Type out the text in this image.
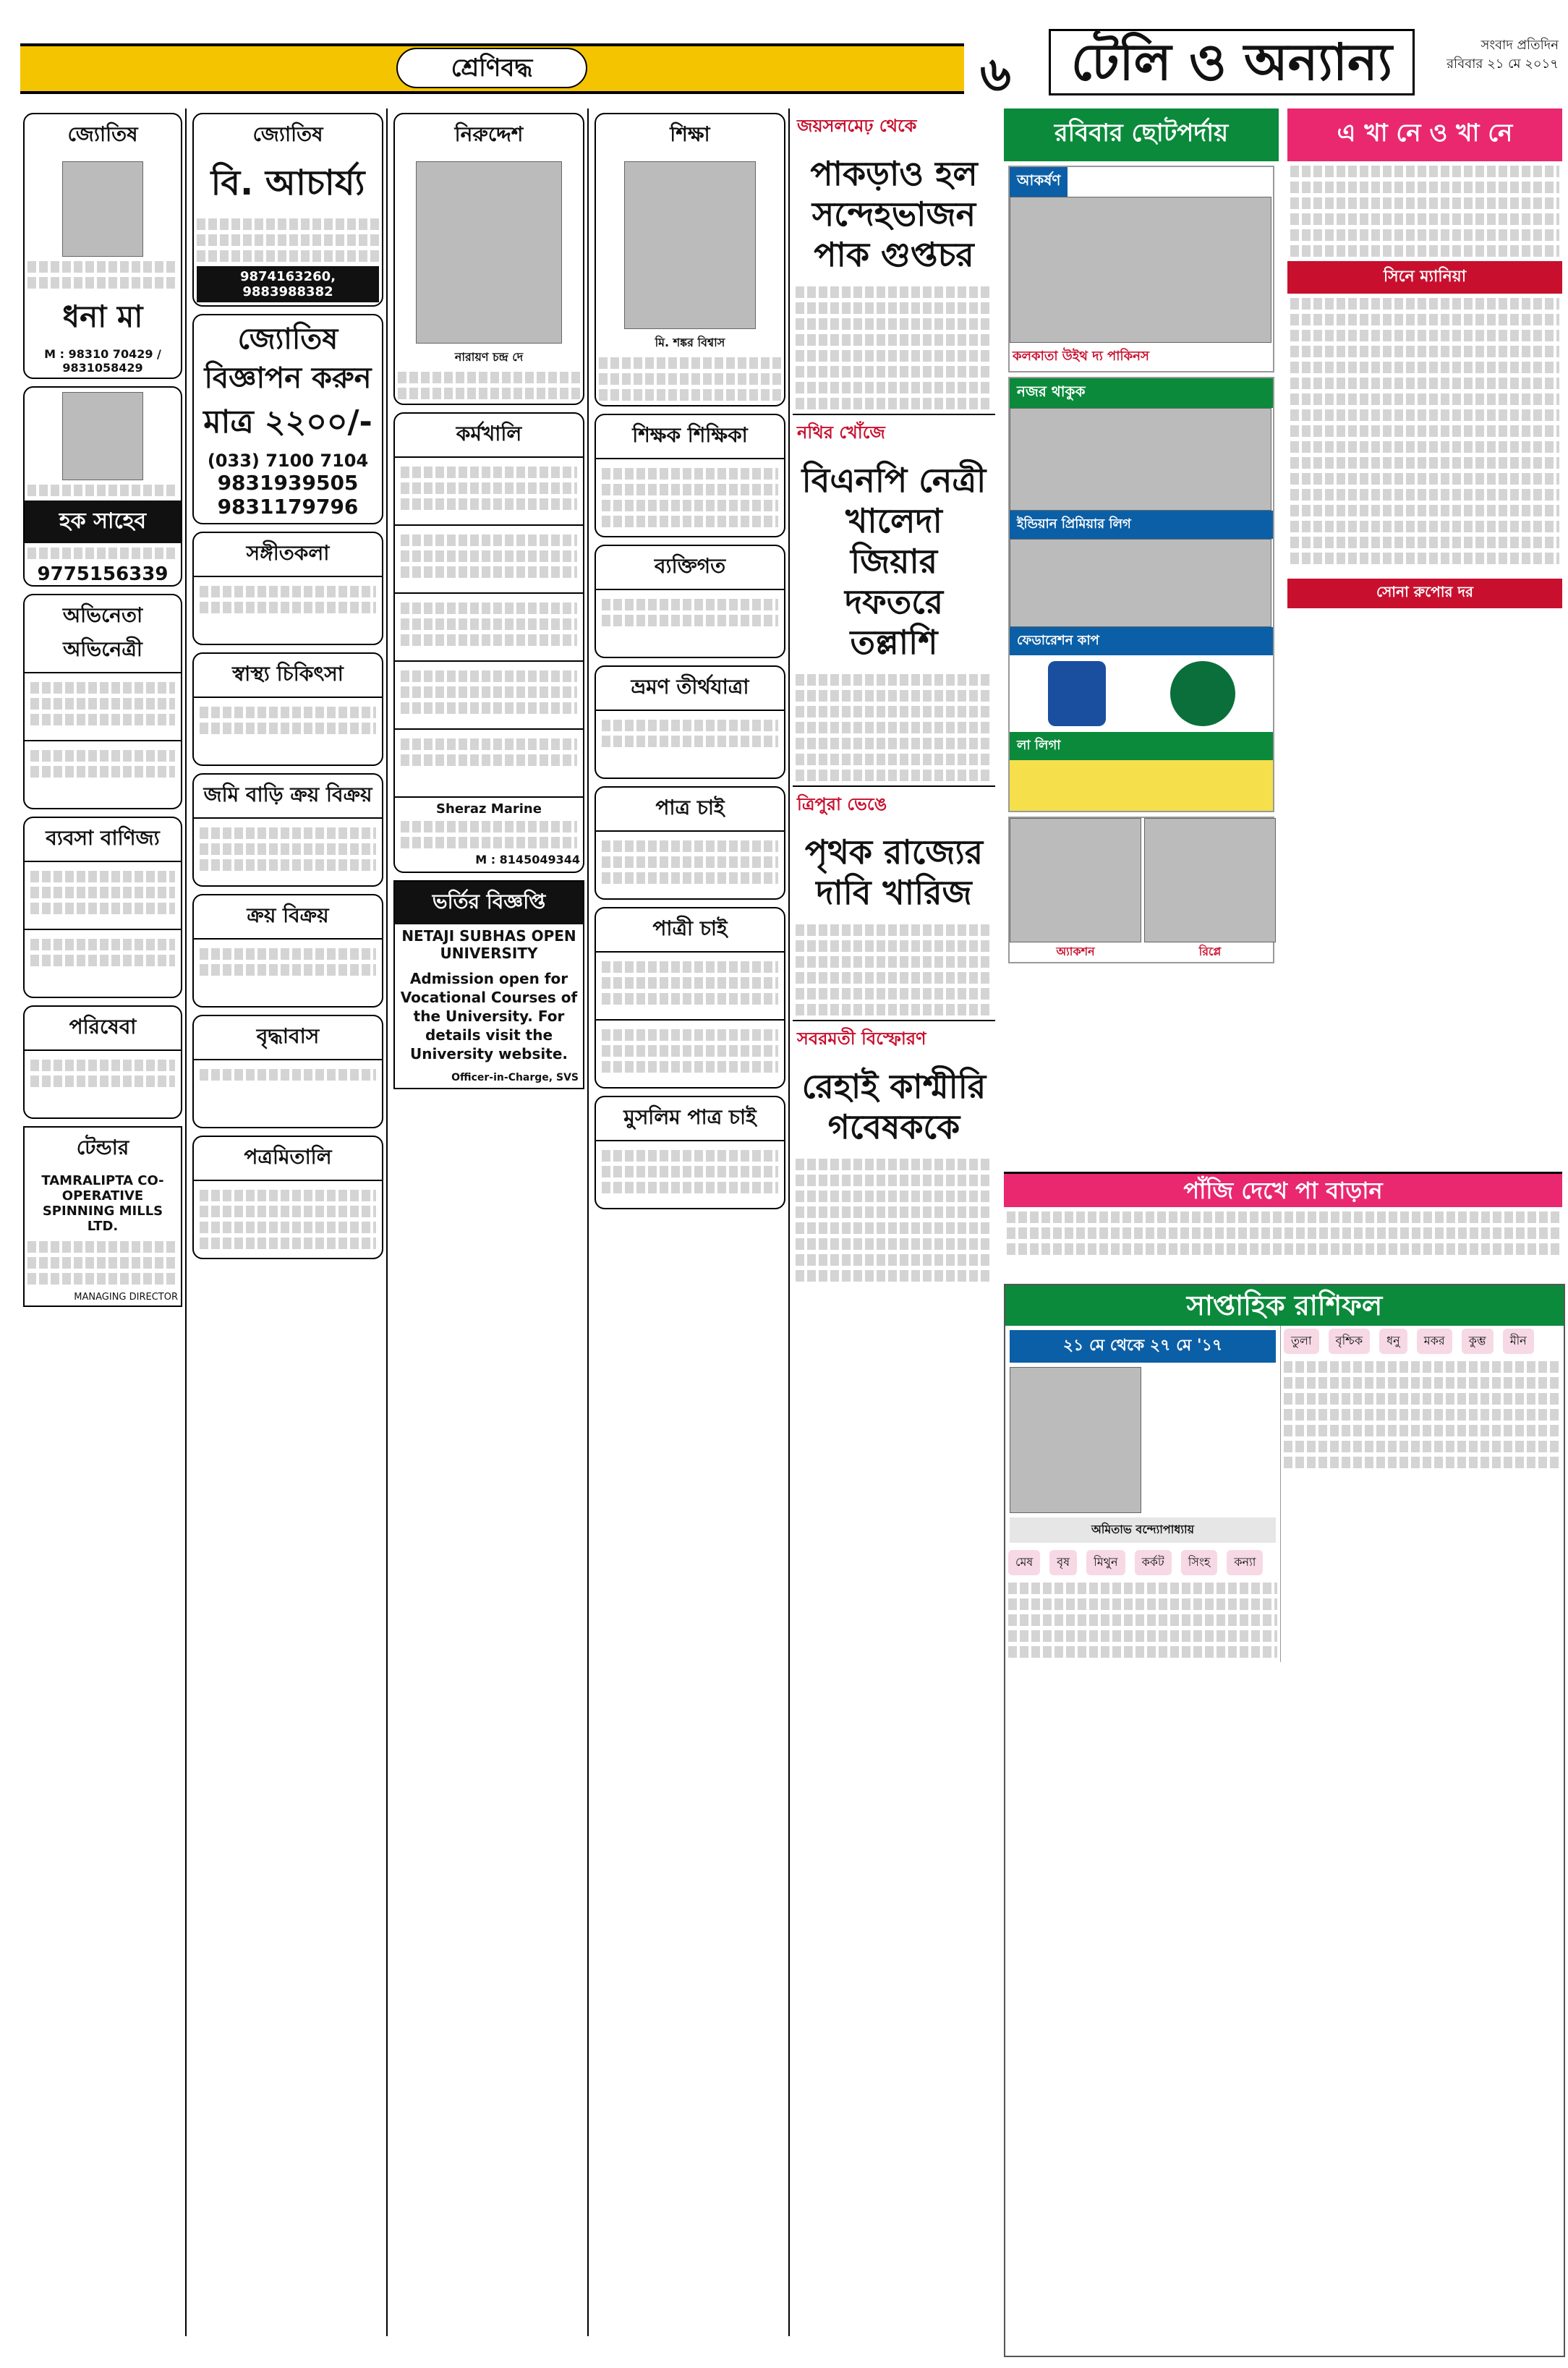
শ্রেণিবদ্ধ	৬	টেলি ও অন্যান্য	সংবাদ প্রতিদিন
রবিবার ২১ মে ২০১৭
জ্যোতিষ
ধনা মা
M : 98310 70429 / 9831058429
হক সাহেব
9775156339
অভিনেতা অভিনেত্রী
ব্যবসা বাণিজ্য
পরিষেবা
টেন্ডার
TAMRALIPTA CO-OPERATIVE SPINNING MILLS LTD.
MANAGING DIRECTOR
জ্যোতিষ
বি. আচার্য্য
9874163260, 9883988382
জ্যোতিষ বিজ্ঞাপন করুন
মাত্র ২২০০/-
(033) 7100 7104
9831939505
9831179796
সঙ্গীতকলা
স্বাস্থ্য চিকিৎসা
জমি বাড়ি ক্রয় বিক্রয়
ক্রয় বিক্রয়
বৃদ্ধাবাস
পত্রমিতালি
নিরুদ্দেশ
নারায়ণ চন্দ্র দে
কর্মখালি
Sheraz Marine
M : 8145049344
ভর্তির বিজ্ঞপ্তি
NETAJI SUBHAS OPEN UNIVERSITY
Admission open for Vocational Courses of the University. For details visit the University website.
Officer-in-Charge, SVS
শিক্ষা
মি. শঙ্কর বিশ্বাস
শিক্ষক শিক্ষিকা
ব্যক্তিগত
ভ্রমণ তীর্থযাত্রা
পাত্র চাই
পাত্রী চাই
মুসলিম পাত্র চাই
জয়সলমেঢ় থেকে
পাকড়াও হল সন্দেহভাজন পাক গুপ্তচর
নথির খোঁজে
বিএনপি নেত্রী খালেদা জিয়ার দফতরে তল্লাশি
ত্রিপুরা ভেঙে
পৃথক রাজ্যের দাবি খারিজ
সবরমতী বিস্ফোরণ
রেহাই কাশ্মীরি গবেষককে
রবিবার ছোটপর্দায়
আকর্ষণ
কলকাতা উইথ দ্য পাকিনস
নজর থাকুক
ইন্ডিয়ান প্রিমিয়ার লিগ
ফেডারেশন কাপ
লা লিগা
অ্যাকশন	রিপ্লে
এ খা নে ও খা নে
সিনে ম্যানিয়া
সোনা রুপোর দর
পাঁজি দেখে পা বাড়ান
সাপ্তাহিক রাশিফল
২১ মে থেকে ২৭ মে '১৭
অমিতাভ বন্দ্যোপাধ্যায়
মেষ বৃষ মিথুন কর্কট সিংহ কন্যা
তুলা বৃশ্চিক ধনু মকর কুম্ভ মীন
